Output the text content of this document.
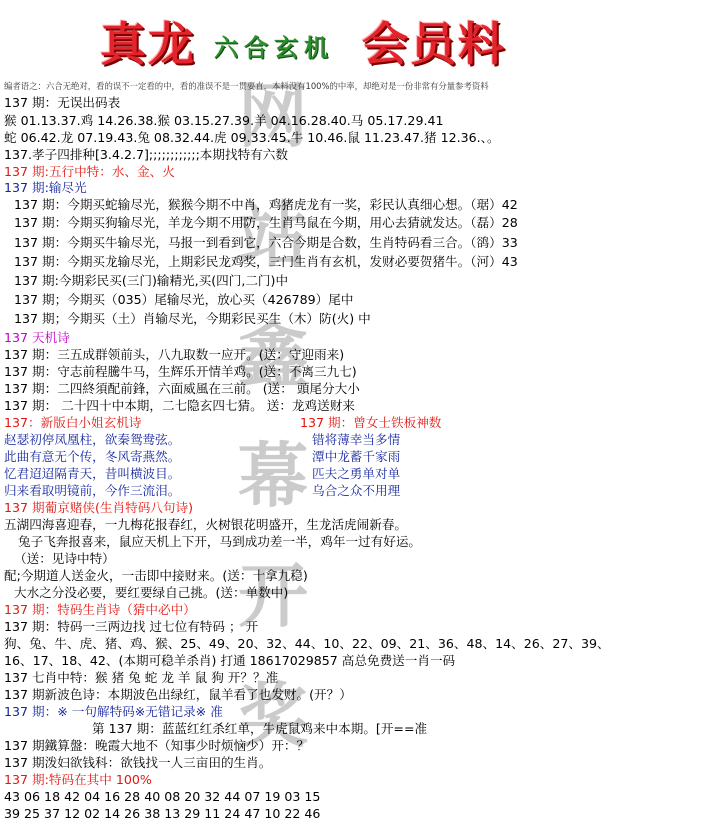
真龙 六合玄机 会员料
编者语之：六合无绝对，看的误不一定看的中，看的准误不是一贯要直，本料没有100%的中率，却绝对是一份非常有分量参考资料
网
站
鑫
幕
开
奖
137 期：无误出码表
猴 01.13.37.鸡 14.26.38.猴 03.15.27.39.羊 04.16.28.40.马 05.17.29.41
蛇 06.42.龙 07.19.43.兔 08.32.44.虎 09.33.45.牛 10.46.鼠 11.23.47.猪 12.36.、。
137.孝子四排种[3.4.2.7];;;;;;;;;;;;本期找特有六数
137 期:五行中特：水、金、火
137 期:输尽光
137 期：今期买蛇输尽光，猴猴今期不中肖，鸡猪虎龙有一奖，彩民认真细心想。（琚）42
137 期：今期买狗输尽光，羊龙今期不用防，生肖马鼠在今期，用心去猜就发达。（磊）28
137 期：今期买牛输尽光，马报一到看到它，六合今期是合数，生肖特码看三合。（鹆）33
137 期：今期买龙输尽光，上期彩民龙鸡奖，三门生肖有玄机，发财必要贺猪牛。（河）43
137 期:今期彩民买(三门)输精光,买(四门,二门)中
137 期；今期买（035）尾输尽光，放心买（426789）尾中
137 期；今期买（土）肖输尽光，今期彩民买生（木）防(火) 中
137 天机诗
137 期：三五成群领前头，八九取数一应开。(送：守迎雨来)
137 期：守志前程騰牛马，生辉乐开情羊鸡。(送：不离三九七)
137 期：二四終須配前鋒，六面威風在三前。 (送： 頭尾分大小
137 期： 二十四十中本期，二七隐玄四七猜。 送：龙鸡送财来
137：新版白小姐玄机诗	137 期：曾女士铁板神数
赵瑟初停凤凰柱，欲秦鸳鸯弦。	错将薄幸当多情
此曲有意无个传，冬风寄燕然。	潭中龙蓄千家雨
忆君迢迢隔青天，昔叫横波目。	匹夫之勇单对单
归来看取明镜前，今作三流泪。	乌合之众不用理
137 期葡京赌侠(生肖特码八句诗)
五湖四海喜迎春，一九梅花报春红，火树银花明盛开，生龙活虎闹新春。
兔子飞奔报喜来，鼠应天机上下开，马到成功差一半，鸡年一过有好运。
（送：见诗中特）
配;今期道人送金火，一击即中接财来。(送：十拿九稳)
大水之分没必要，要红要绿自己挑。(送：单数中)
137 期：特码生肖诗（猜中必中）
137 期：特码一三两边找 过七位有特码 ； 开
狗、兔、牛、虎、猪、鸡、猴、25、49、20、32、44、10、22、09、21、36、48、14、26、27、39、
16、17、18、42、(本期可稳羊杀肖) 打通 18617029857 高总免费送一肖一码
137 七肖中特：猴 猪 兔 蛇 龙 羊 鼠 狗 开？？准
137 期新波色诗：本期波色出绿红，鼠羊看了也发财。(开？）
137 期：※ 一句解特码※无错记录※ 准
第 137 期：蓝蓝红红杀红单，牛虎鼠鸡来中本期。[开==准
137 期鐵算盤：晚霞大地不（知事少时烦恼少）开：？
137 期泼妇欲钱科：欲钱找一人三亩田的生肖。
137 期:特码在其中 100%
43 06 18 42 04 16 28 40 08 20 32 44 07 19 03 15
39 25 37 12 02 14 26 38 13 29 11 24 47 10 22 46
